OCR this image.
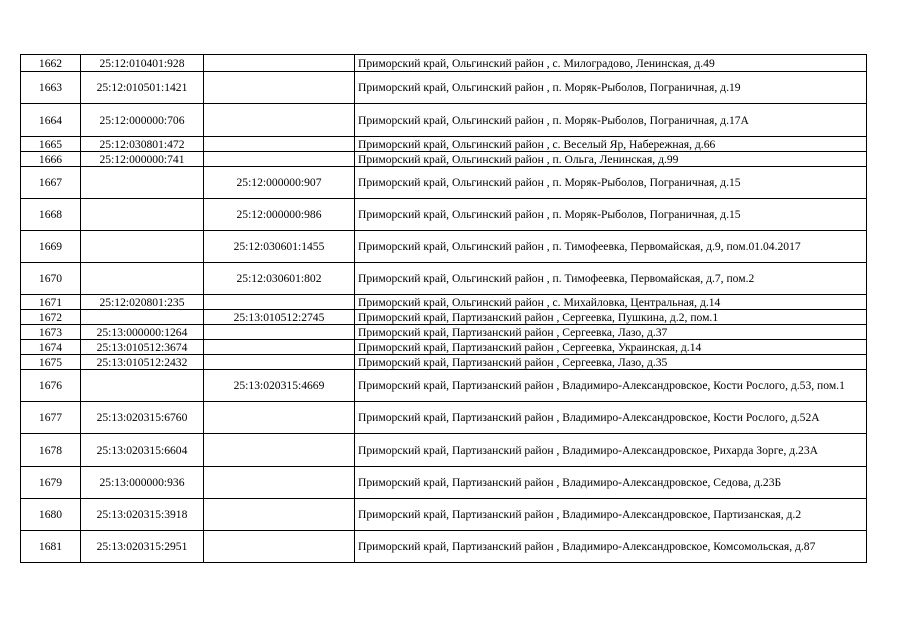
1662	25:12:010401:928		Приморский край, Ольгинский район , с. Милоградово, Ленинская, д.49
1663	25:12:010501:1421		Приморский край, Ольгинский район , п. Моряк-Рыболов, Пограничная, д.19
1664	25:12:000000:706		Приморский край, Ольгинский район , п. Моряк-Рыболов, Пограничная, д.17А
1665	25:12:030801:472		Приморский край, Ольгинский район , с. Веселый Яр, Набережная, д.66
1666	25:12:000000:741		Приморский край, Ольгинский район , п. Ольга, Ленинская, д.99
1667		25:12:000000:907	Приморский край, Ольгинский район , п. Моряк-Рыболов, Пограничная, д.15
1668		25:12:000000:986	Приморский край, Ольгинский район , п. Моряк-Рыболов, Пограничная, д.15
1669		25:12:030601:1455	Приморский край, Ольгинский район , п. Тимофеевка, Первомайская, д.9, пом.01.04.2017
1670		25:12:030601:802	Приморский край, Ольгинский район , п. Тимофеевка, Первомайская, д.7, пом.2
1671	25:12:020801:235		Приморский край, Ольгинский район , с. Михайловка, Центральная, д.14
1672		25:13:010512:2745	Приморский край, Партизанский район , Сергеевка, Пушкина, д.2, пом.1
1673	25:13:000000:1264		Приморский край, Партизанский район , Сергеевка, Лазо, д.37
1674	25:13:010512:3674		Приморский край, Партизанский район , Сергеевка, Украинская, д.14
1675	25:13:010512:2432		Приморский край, Партизанский район , Сергеевка, Лазо, д.35
1676		25:13:020315:4669	Приморский край, Партизанский район , Владимиро-Александровское, Кости Рослого, д.53, пом.1
1677	25:13:020315:6760		Приморский край, Партизанский район , Владимиро-Александровское, Кости Рослого, д.52А
1678	25:13:020315:6604		Приморский край, Партизанский район , Владимиро-Александровское, Рихарда Зорге, д.23А
1679	25:13:000000:936		Приморский край, Партизанский район , Владимиро-Александровское, Седова, д.23Б
1680	25:13:020315:3918		Приморский край, Партизанский район , Владимиро-Александровское, Партизанская, д.2
1681	25:13:020315:2951		Приморский край, Партизанский район , Владимиро-Александровское, Комсомольская, д.87
